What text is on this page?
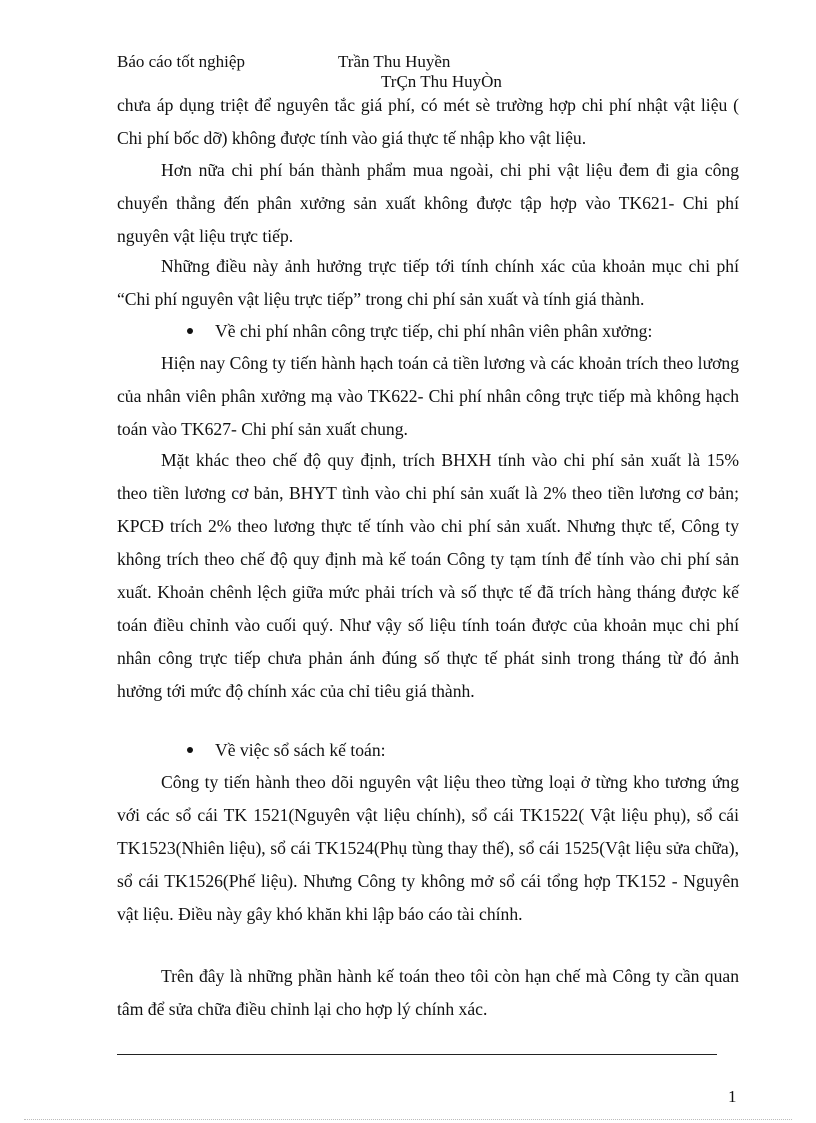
Báo cáo tốt nghiệp	Trần Thu Huyền
TrÇn Thu HuyÒn

chưa áp dụng triệt để nguyên tắc giá phí, có mét sè trường hợp chi phí nhật vật liệu ( Chi phí bốc dỡ) không được tính vào giá thực tế nhập kho vật liệu.

Hơn nữa chi phí bán thành phẩm mua ngoài, chi phi vật liệu đem đi gia công chuyển thẳng đến phân xưởng sản xuất không được tập hợp vào TK621- Chi phí nguyên vật liệu trực tiếp.

Những điều này ảnh hưởng trực tiếp tới tính chính xác của khoản mục chi phí “Chi phí nguyên vật liệu trực tiếp” trong chi phí sản xuất và tính giá thành.

Về chi phí nhân công trực tiếp, chi phí nhân viên phân xưởng:

Hiện nay Công ty tiến hành hạch toán cả tiền lương và các khoản trích theo lương của nhân viên phân xưởng mạ vào TK622- Chi phí nhân công trực tiếp mà không hạch toán vào TK627- Chi phí sản xuất chung.

Mặt khác theo chế độ quy định, trích BHXH tính vào chi phí sản xuất là 15% theo tiền lương cơ bản, BHYT tình vào chi phí sản xuất là 2% theo tiền lương cơ bản; KPCĐ trích 2% theo lương thực tế tính vào chi phí sản xuất. Nhưng thực tế, Công ty không trích theo chế độ quy định mà kế toán Công ty tạm tính để tính vào chi phí sản xuất. Khoản chênh lệch giữa mức phải trích và số thực tế đã trích hàng tháng được kế toán điều chỉnh vào cuối quý. Như vậy số liệu tính toán được của khoản mục chi phí nhân công trực tiếp chưa phản ánh đúng số thực tế phát sinh trong tháng từ đó ảnh hưởng tới mức độ chính xác của chỉ tiêu giá thành.

Về việc sổ sách kế toán:

Công ty tiến hành theo dõi nguyên vật liệu theo từng loại ở từng kho tương ứng với các sổ cái TK 1521(Nguyên vật liệu chính), sổ cái TK1522( Vật liệu phụ), sổ cái TK1523(Nhiên liệu), sổ cái TK1524(Phụ tùng thay thế), sổ cái 1525(Vật liệu sửa chữa), sổ cái TK1526(Phế liệu). Nhưng Công ty không mở sổ cái tổng hợp TK152 - Nguyên vật liệu. Điều này gây khó khăn khi lập báo cáo tài chính.

Trên đây là những phần hành kế toán theo tôi còn hạn chế mà Công ty cần quan tâm để sửa chữa điều chỉnh lại cho hợp lý chính xác.

1
